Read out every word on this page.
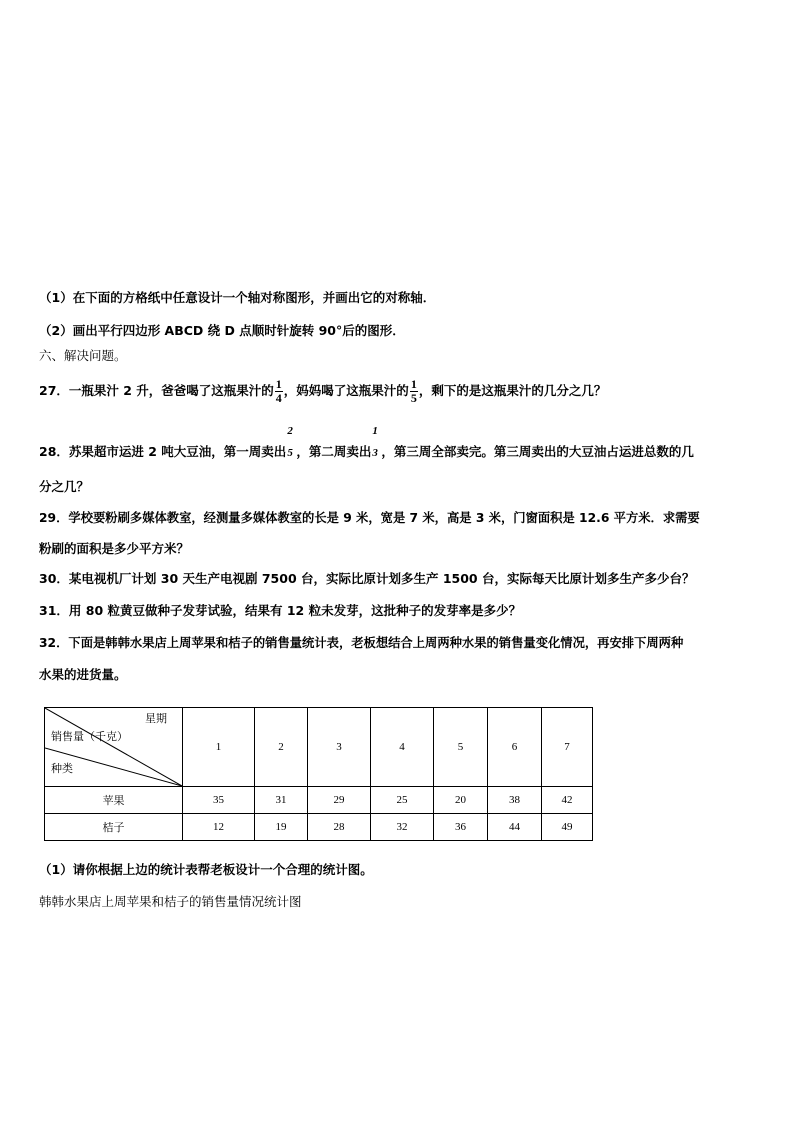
（1）在下面的方格纸中任意设计一个轴对称图形，并画出它的对称轴．
（2）画出平行四边形 ABCD 绕 D 点顺时针旋转 90°后的图形．
六、解决问题。
27．一瓶果汁 2 升，爸爸喝了这瓶果汁的 $\frac{1}{4}$ ，妈妈喝了这瓶果汁的 $\frac{1}{5}$ ，剩下的是这瓶果汁的几分之几？
28．苏果超市运进 2 吨大豆油，第一周卖出
2
5 ，第二周卖出
1
3 ，第三周全部卖完。第三周卖出的大豆油占运进总数的几
分之几？
29．学校要粉刷多媒体教室，经测量多媒体教室的长是 9 米，宽是 7 米，高是 3 米，门窗面积是 12.6 平方米．求需要
粉刷的面积是多少平方米？
30．某电视机厂计划 30 天生产电视剧 7500 台，实际比原计划多生产 1500 台，实际每天比原计划多生产多少台？
31．用 80 粒黄豆做种子发芽试验，结果有 12 粒未发芽，这批种子的发芽率是多少？
32．下面是韩韩水果店上周苹果和桔子的销售量统计表，老板想结合上周两种水果的销售量变化情况，再安排下周两种
水果的进货量。
星期
销售量（千克）
种类	1	2	3	4	5	6	7
苹果	35	31	29	25	20	38	42
桔子	12	19	28	32	36	44	49
（1）请你根据上边的统计表帮老板设计一个合理的统计图。
韩韩水果店上周苹果和桔子的销售量情况统计图
